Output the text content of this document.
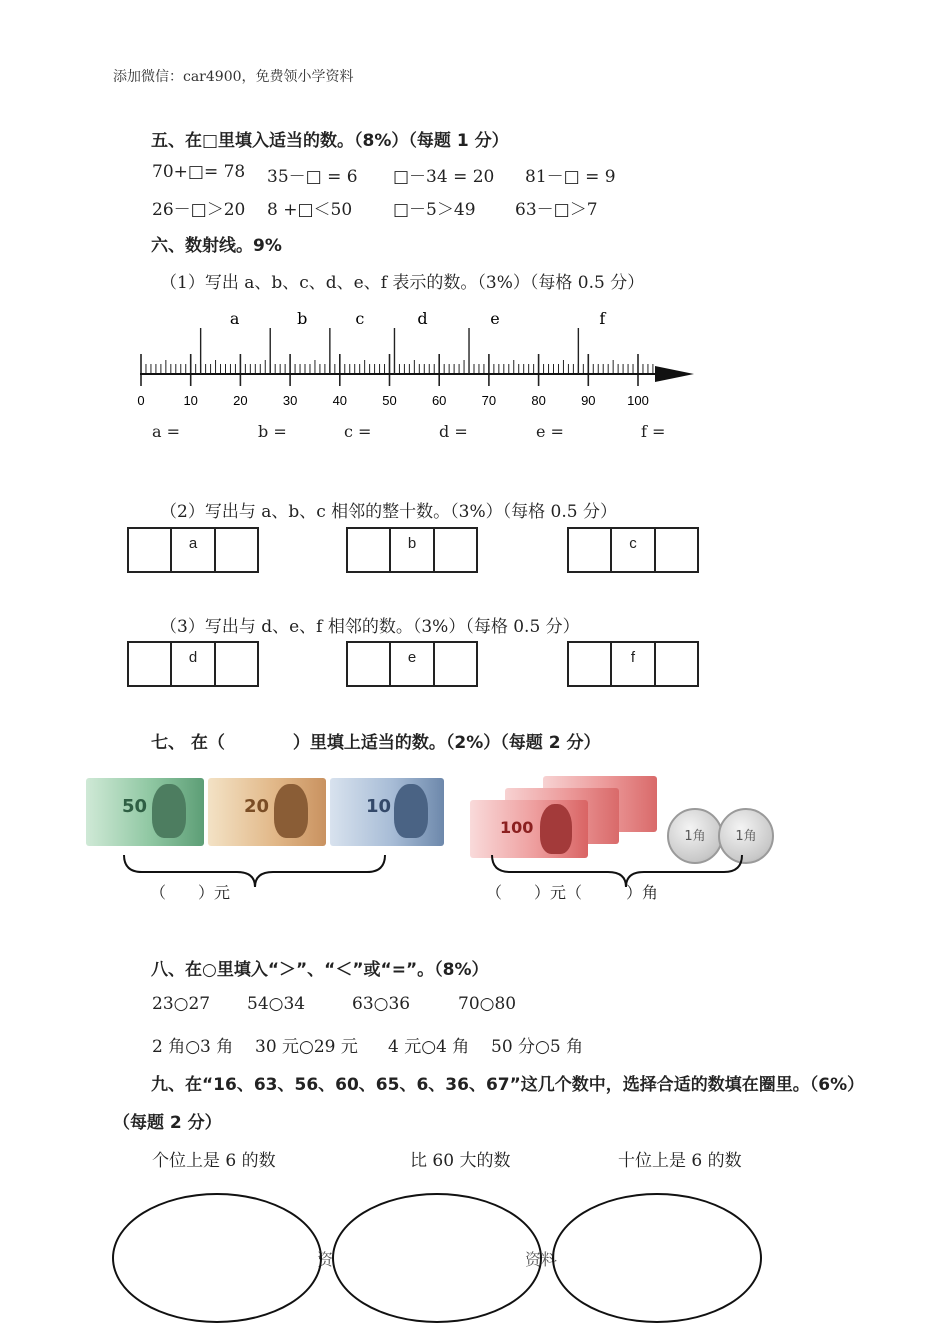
添加微信：car4900，免费领小学资料
五、在□里填入适当的数。（8%）（每题 1 分）
70+□= 78 35－□ = 6 □－34 = 20 81－□ = 9
26－□＞20 8 +□＜50 □－5＞49 63－□＞7
六、数射线。9%
（1）写出 a、b、c、d、e、f 表示的数。（3%）（每格 0.5 分）
a	b	c	d	e	f
0	10	20	30	40	50	60	70	80	90 100
a =	b =	c =	d =	e =	f =
（2）写出与 a、b、c 相邻的整十数。（3%）（每格 0.5 分）
a	b	c
（3）写出与 d、e、f 相邻的数。（3%）（每格 0.5 分）
d	e	f
七、 在（　　　　）里填上适当的数。（2%）（每题 2 分）
50	20	10
100	1角	1角
（　　）元	（　　）元（	）角
八、在○里填入“＞”、“＜”或“=”。（8%）
23○27 54○34	63○36	70○80
2 角○3 角 30 元○29 元 4 元○4 角 50 分○5 角
九、在“16、63、56、60、65、6、36、67”这几个数中，选择合适的数填在圈里。（6%）
（每题 2 分）
个位上是 6 的数	比 60 大的数	十位上是 6 的数
资	资料
